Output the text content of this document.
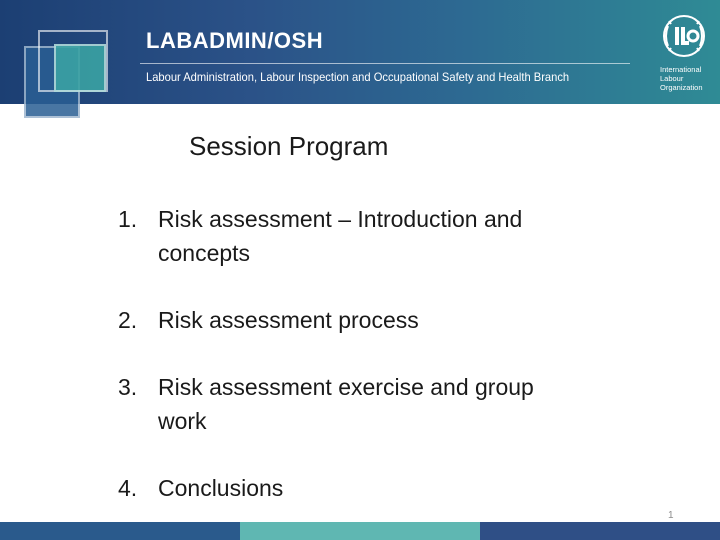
LABADMIN/OSH
Labour Administration, Labour Inspection and Occupational Safety and Health Branch
International
Labour
Organization
Session Program
1. Risk assessment – Introduction and concepts
2. Risk assessment process
3. Risk assessment exercise and group work
4. Conclusions
1
